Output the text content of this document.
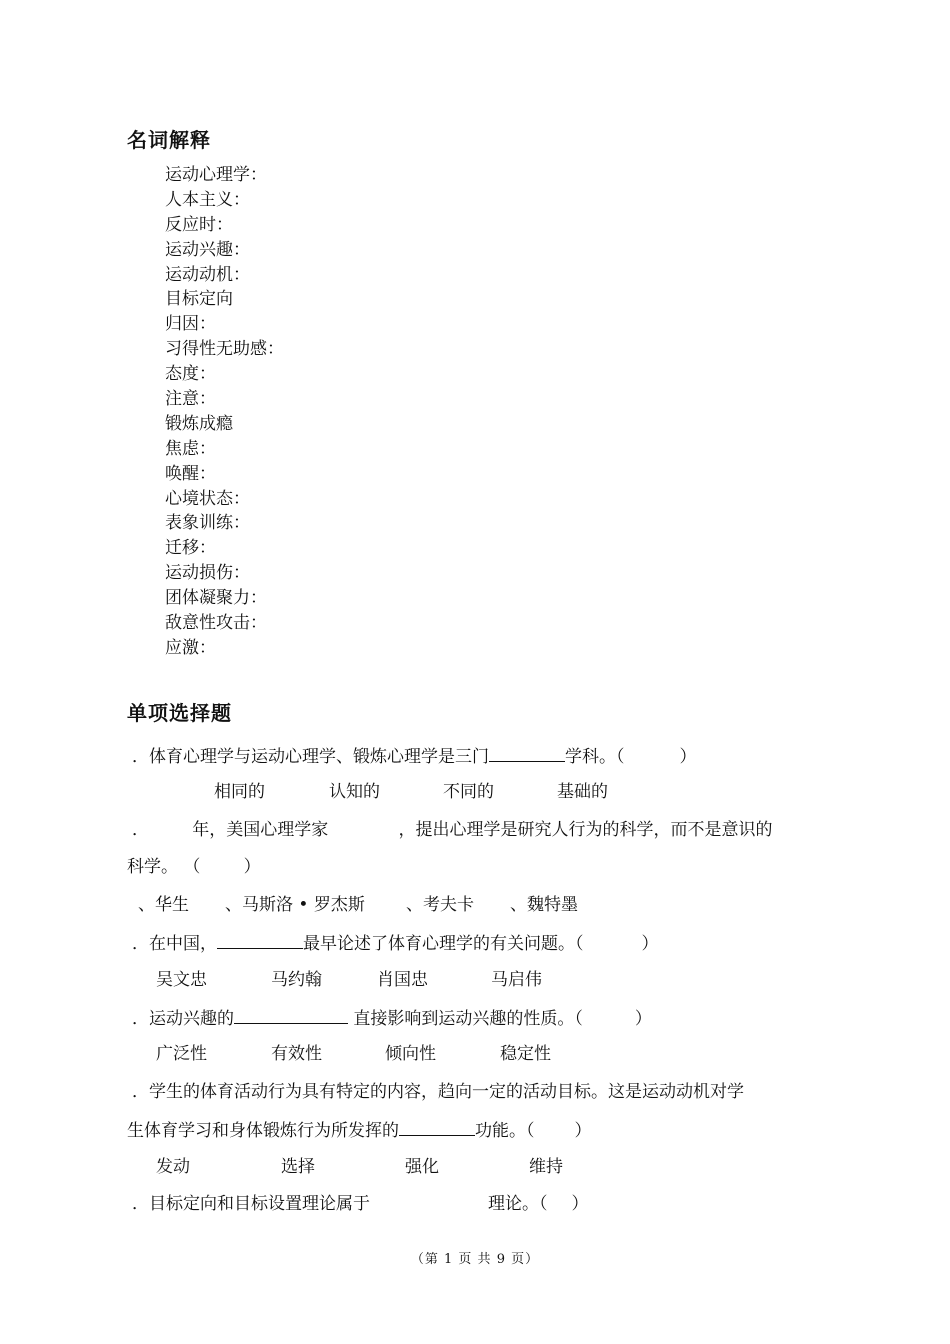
名词解释
运动心理学：
人本主义：
反应时：
运动兴趣：
运动动机：
目标定向
归因：
习得性无助感：
态度：
注意：
锻炼成瘾
焦虑：
唤醒：
心境状态：
表象训练：
迁移：
运动损伤：
团体凝聚力：
敌意性攻击：
应激：
单项选择题
．体育心理学与运动心理学、锻炼心理学是三门	学科。（	）
相同的	认知的	不同的	基础的
．        年，美国心理学家             ，提出心理学是研究人行为的科学，而不是意识的
科学。 （        ）
、华生 、马斯洛 • 罗杰斯 、考夫卡 、魏特墨
．在中国，	最早论述了体育心理学的有关问题。（	）
吴文忠	马约翰	肖国忠	马启伟
．运动兴趣的	直接影响到运动兴趣的性质。（	）
广泛性	有效性	倾向性	稳定性
．学生的体育活动行为具有特定的内容，趋向一定的活动目标。这是运动动机对学
生体育学习和身体锻炼行为所发挥的	功能。（ ）
发动	选择	强化	维持
．目标定向和目标设置理论属于	理论。（ ）
（第 1 页 共 9 页）
